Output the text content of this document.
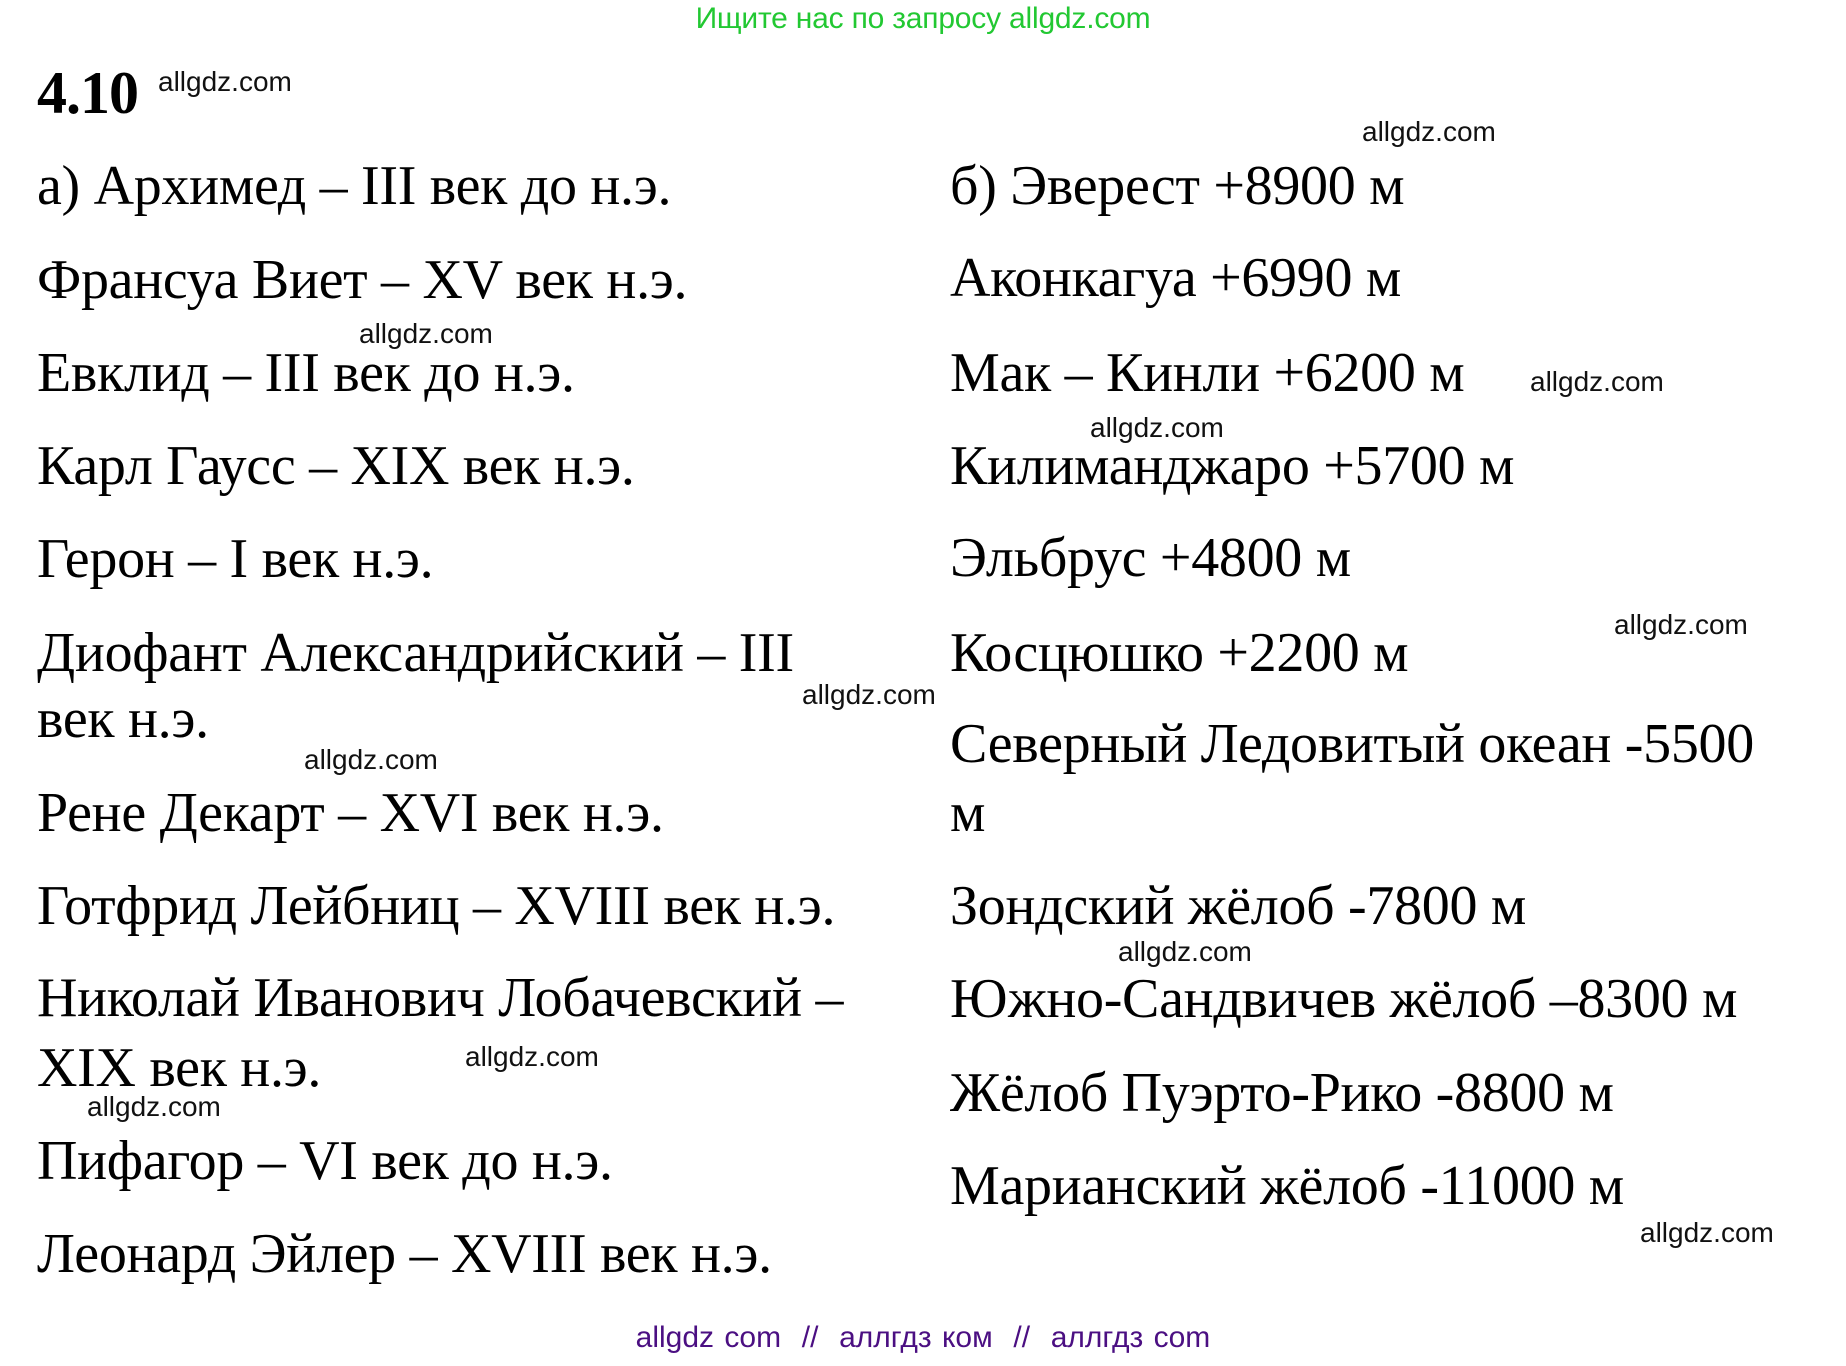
Ищите нас по запросу allgdz.com
4.10
а) Архимед – III век до н.э.
Франсуа Виет – XV век н.э.
Евклид – III век до н.э.
Карл Гаусс – XIX век н.э.
Герон – I век н.э.
Диофант Александрийский – III
век н.э.
Рене Декарт – XVI век н.э.
Готфрид Лейбниц – XVIII век н.э.
Николай Иванович Лобачевский –
XIX век н.э.
Пифагор – VI век до н.э.
Леонард Эйлер – XVIII век н.э.
б) Эверест +8900 м
Аконкагуа +6990 м
Мак – Кинли +6200 м
Килиманджаро +5700 м
Эльбрус +4800 м
Косцюшко +2200 м
Северный Ледовитый океан -5500
м
Зондский жёлоб -7800 м
Южно-Сандвичев жёлоб –8300 м
Жёлоб Пуэрто-Рико -8800 м
Марианский жёлоб -11000 м
allgdz.com
allgdz.com
allgdz.com
allgdz.com
allgdz.com
allgdz.com
allgdz.com
allgdz.com
allgdz.com
allgdz.com
allgdz.com
allgdz.com
allgdz com  //  аллгдз ком  //  аллгдз com
